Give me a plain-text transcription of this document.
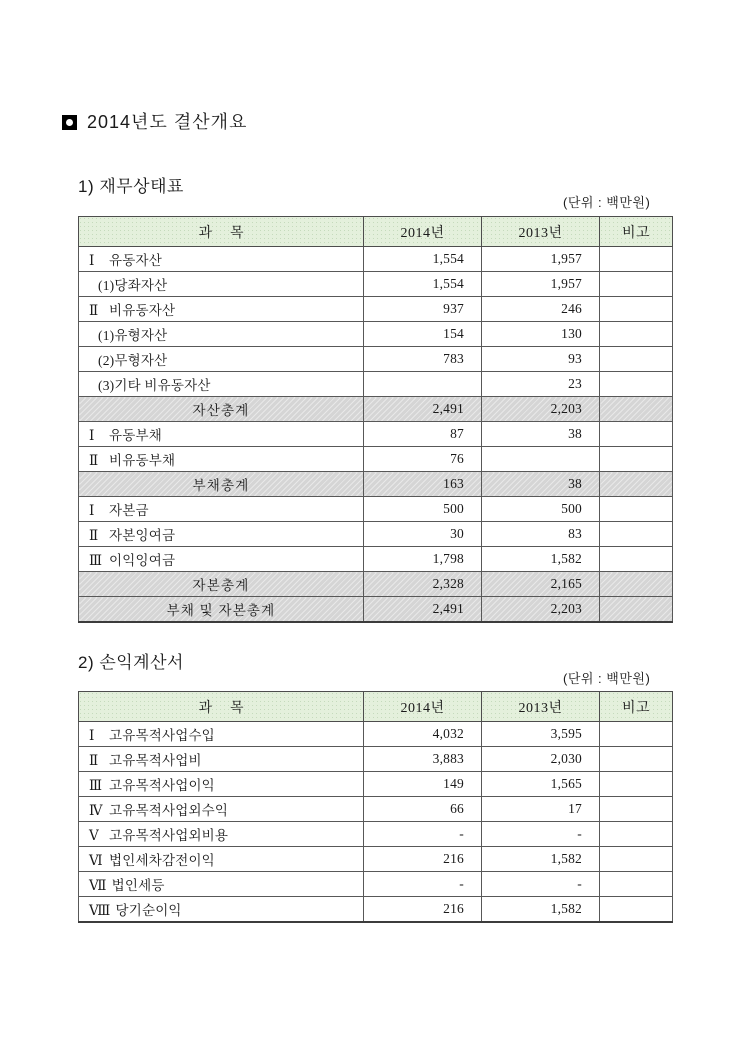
2014년도 결산개요
1) 재무상태표
(단위 : 백만원)
과 목	2014년	2013년	비고
Ⅰ 유동자산	1,554	1,957	
(1)당좌자산	1,554	1,957	
Ⅱ 비유동자산	937	246	
(1)유형자산	154	130	
(2)무형자산	783	93	
(3)기타 비유동자산		23	
자산총계	2,491	2,203	
Ⅰ 유동부채	87	38	
Ⅱ 비유동부채	76		
부채총계	163	38	
Ⅰ 자본금	500	500	
Ⅱ 자본잉여금	30	83	
Ⅲ 이익잉여금	1,798	1,582	
자본총계	2,328	2,165	
부채 및 자본총계	2,491	2,203	
2) 손익계산서
(단위 : 백만원)
과 목	2014년	2013년	비고
Ⅰ 고유목적사업수입	4,032	3,595	
Ⅱ 고유목적사업비	3,883	2,030	
Ⅲ 고유목적사업이익	149	1,565	
Ⅳ 고유목적사업외수익	66	17	
Ⅴ 고유목적사업외비용	-	-	
Ⅵ 법인세차감전이익	216	1,582	
Ⅶ 법인세등	-	-	
Ⅷ 당기순이익	216	1,582	
